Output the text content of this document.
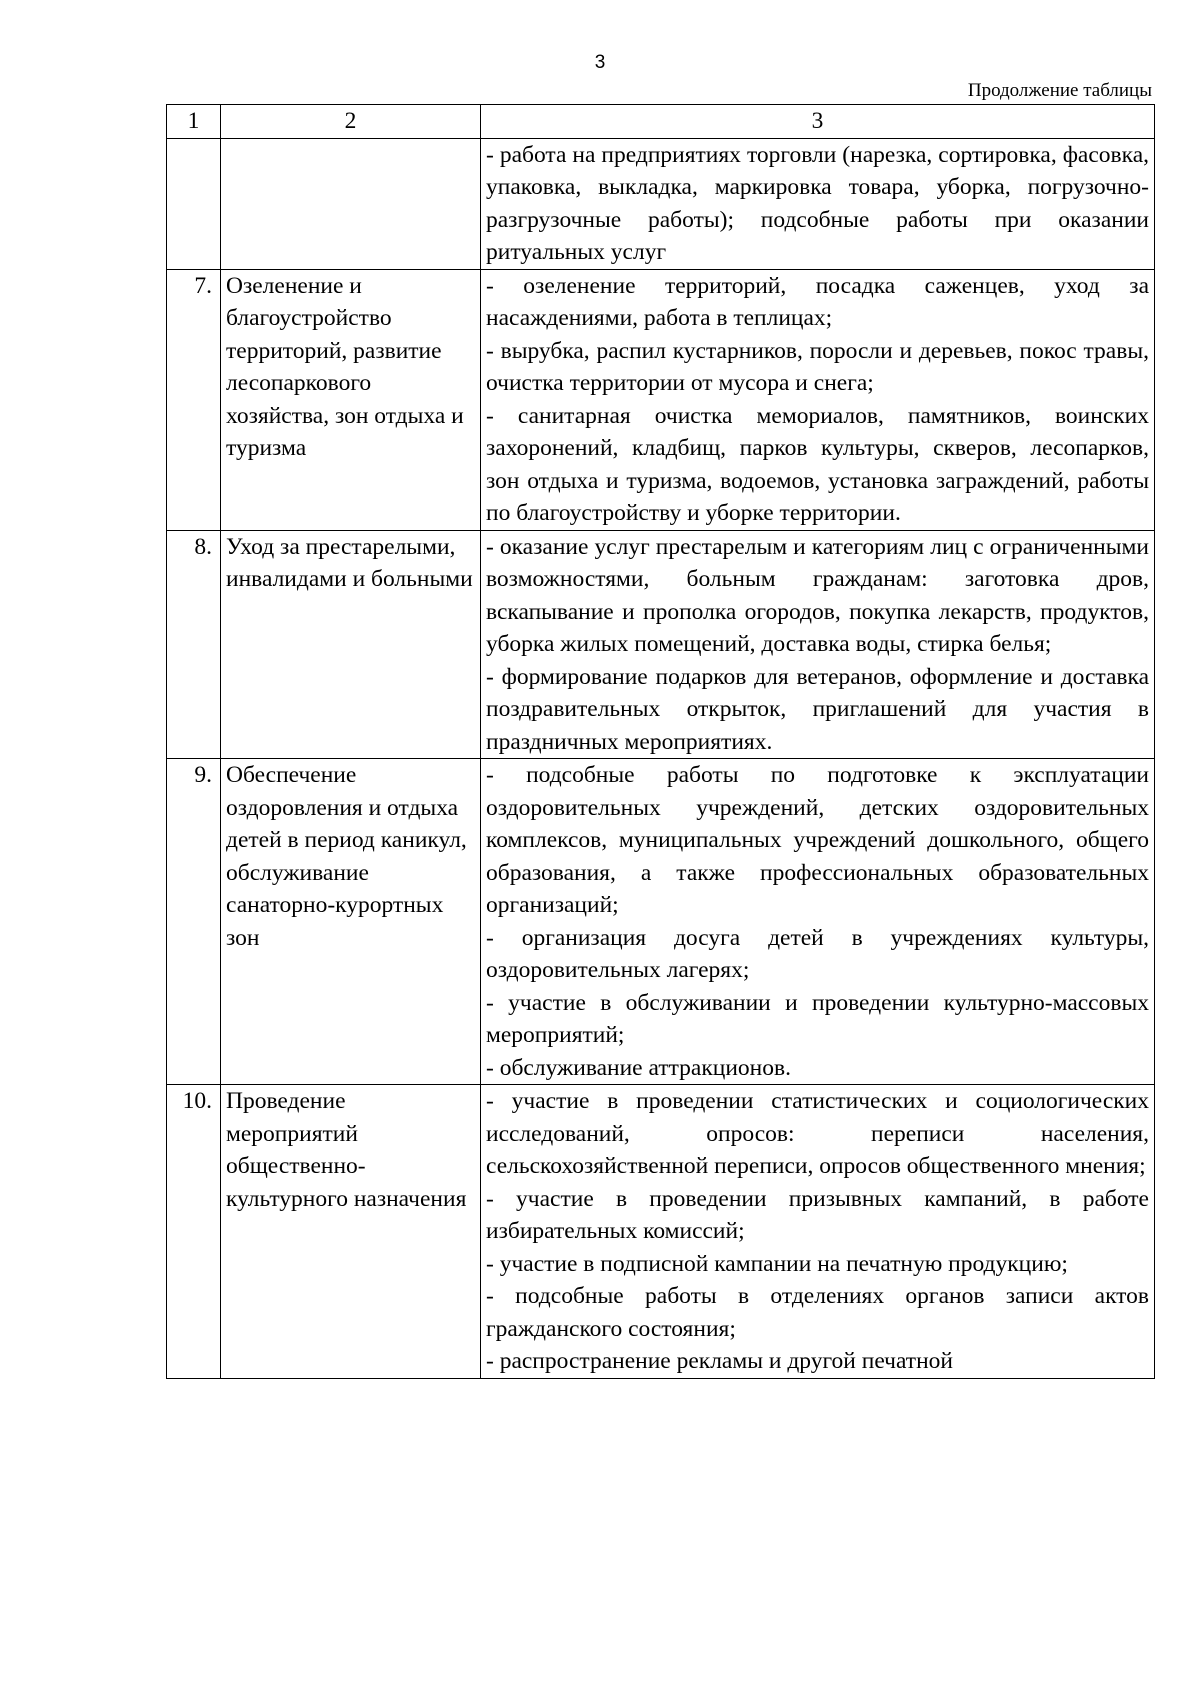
3
Продолжение таблицы
1	2	3

		- работа на предприятиях торговли (нарезка, сортировка, фасовка, упаковка, выкладка, маркировка товара, уборка, погрузочно-разгрузочные работы); подсобные работы при оказании ритуальных услуг

7.	Озеленение и благоустройство территорий, развитие лесопаркового хозяйства, зон отдыха и туризма	- озеленение территорий, посадка саженцев, уход за насаждениями, работа в теплицах;

- вырубка, распил кустарников, поросли и деревьев, покос травы, очистка территории от мусора и снега;

- санитарная очистка мемориалов, памятников, воинских захоронений, кладбищ, парков культуры, скверов, лесопарков, зон отдыха и туризма, водоемов, установка заграждений, работы по благоустройству и уборке территории.

8.	Уход за престарелыми, инвалидами и больными	- оказание услуг престарелым и категориям лиц с ограниченными возможностями, больным гражданам: заготовка дров, вскапывание и прополка огородов, покупка лекарств, продуктов, уборка жилых помещений, доставка воды, стирка белья;

- формирование подарков для ветеранов, оформление и доставка поздравительных открыток, приглашений для участия в праздничных мероприятиях.

9.	Обеспечение оздоровления и отдыха детей в период каникул, обслуживание санаторно-курортных зон	- подсобные работы по подготовке к эксплуатации оздоровительных учреждений, детских оздоровительных комплексов, муниципальных учреждений дошкольного, общего образования, а также профессиональных образовательных организаций;

- организация досуга детей в учреждениях культуры, оздоровительных лагерях;

- участие в обслуживании и проведении культурно-массовых мероприятий;

- обслуживание аттракционов.

10.	Проведение мероприятий общественно-культурного назначения	- участие в проведении статистических и социологических исследований, опросов: переписи населения, сельскохозяйственной переписи, опросов общественного мнения;

- участие в проведении призывных кампаний, в работе избирательных комиссий;

- участие в подписной кампании на печатную продукцию;

- подсобные работы в отделениях органов записи актов гражданского состояния;

- распространение рекламы и другой печатной
